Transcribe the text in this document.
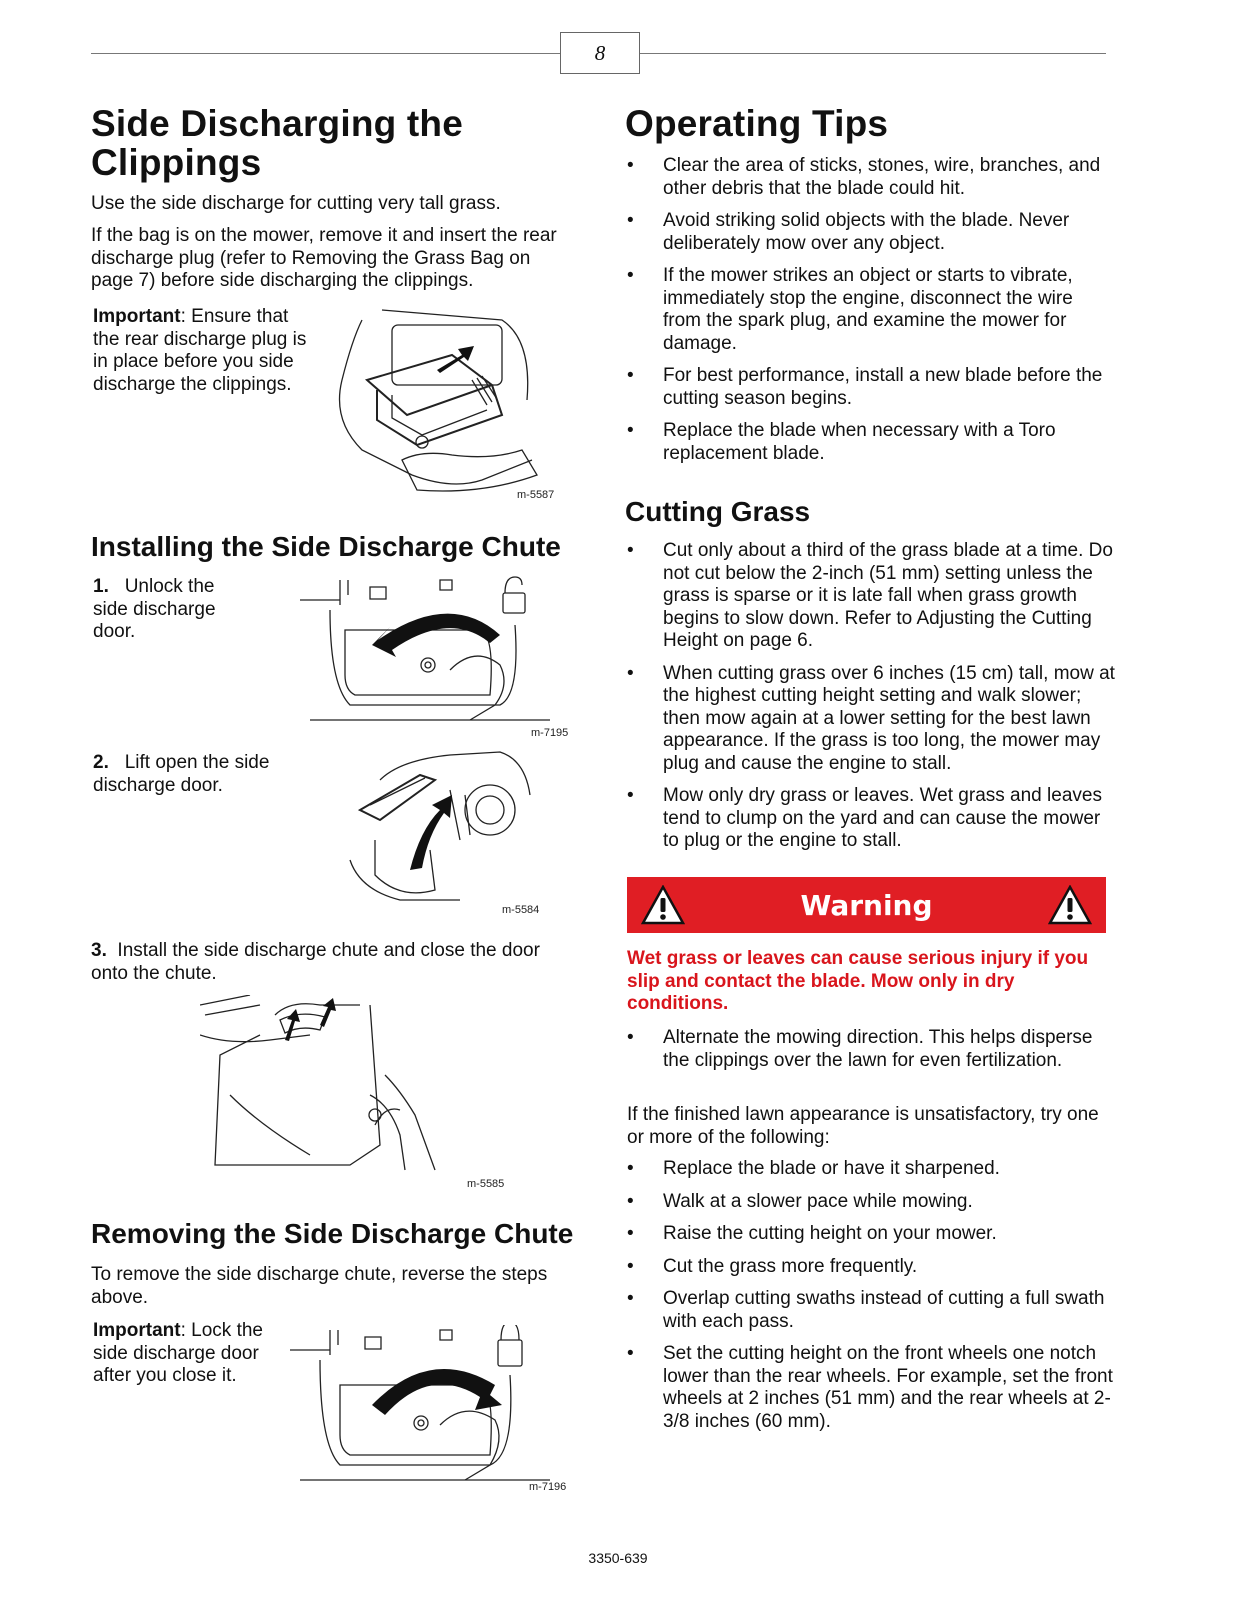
8
Side Discharging the Clippings

Use the side discharge for cutting very tall grass.

If the bag is on the mower, remove it and insert the rear discharge plug (refer to Removing the Grass Bag on page 7) before side discharging the clippings.

Important: Ensure that the rear discharge plug is in place before you side discharge the clippings.

m-5587
Installing the Side Discharge Chute

1. Unlock the side discharge door.

m-7195

2. Lift open the side discharge door.

m-5584

3. Install the side discharge chute and close the door onto the chute.

m-5585
Removing the Side Discharge Chute

To remove the side discharge chute, reverse the steps above.

Important: Lock the side discharge door after you close it.

m-7196
Operating Tips
• Clear the area of sticks, stones, wire, branches, and other debris that the blade could hit.
• Avoid striking solid objects with the blade. Never deliberately mow over any object.
• If the mower strikes an object or starts to vibrate, immediately stop the engine, disconnect the wire from the spark plug, and examine the mower for damage.
• For best performance, install a new blade before the cutting season begins.
• Replace the blade when necessary with a Toro replacement blade.
Cutting Grass
• Cut only about a third of the grass blade at a time. Do not cut below the 2-inch (51 mm) setting unless the grass is sparse or it is late fall when grass growth begins to slow down. Refer to Adjusting the Cutting Height on page 6.
• When cutting grass over 6 inches (15 cm) tall, mow at the highest cutting height setting and walk slower; then mow again at a lower setting for the best lawn appearance. If the grass is too long, the mower may plug and cause the engine to stall.
• Mow only dry grass or leaves. Wet grass and leaves tend to clump on the yard and can cause the mower to plug or the engine to stall.
Warning

Wet grass or leaves can cause serious injury if you slip and contact the blade. Mow only in dry conditions.

• Alternate the mowing direction. This helps disperse the clippings over the lawn for even fertilization.

If the finished lawn appearance is unsatisfactory, try one or more of the following:

• Replace the blade or have it sharpened.
• Walk at a slower pace while mowing.
• Raise the cutting height on your mower.
• Cut the grass more frequently.
• Overlap cutting swaths instead of cutting a full swath with each pass.
• Set the cutting height on the front wheels one notch lower than the rear wheels. For example, set the front wheels at 2 inches (51 mm) and the rear wheels at 2-3/8 inches (60 mm).
3350-639
